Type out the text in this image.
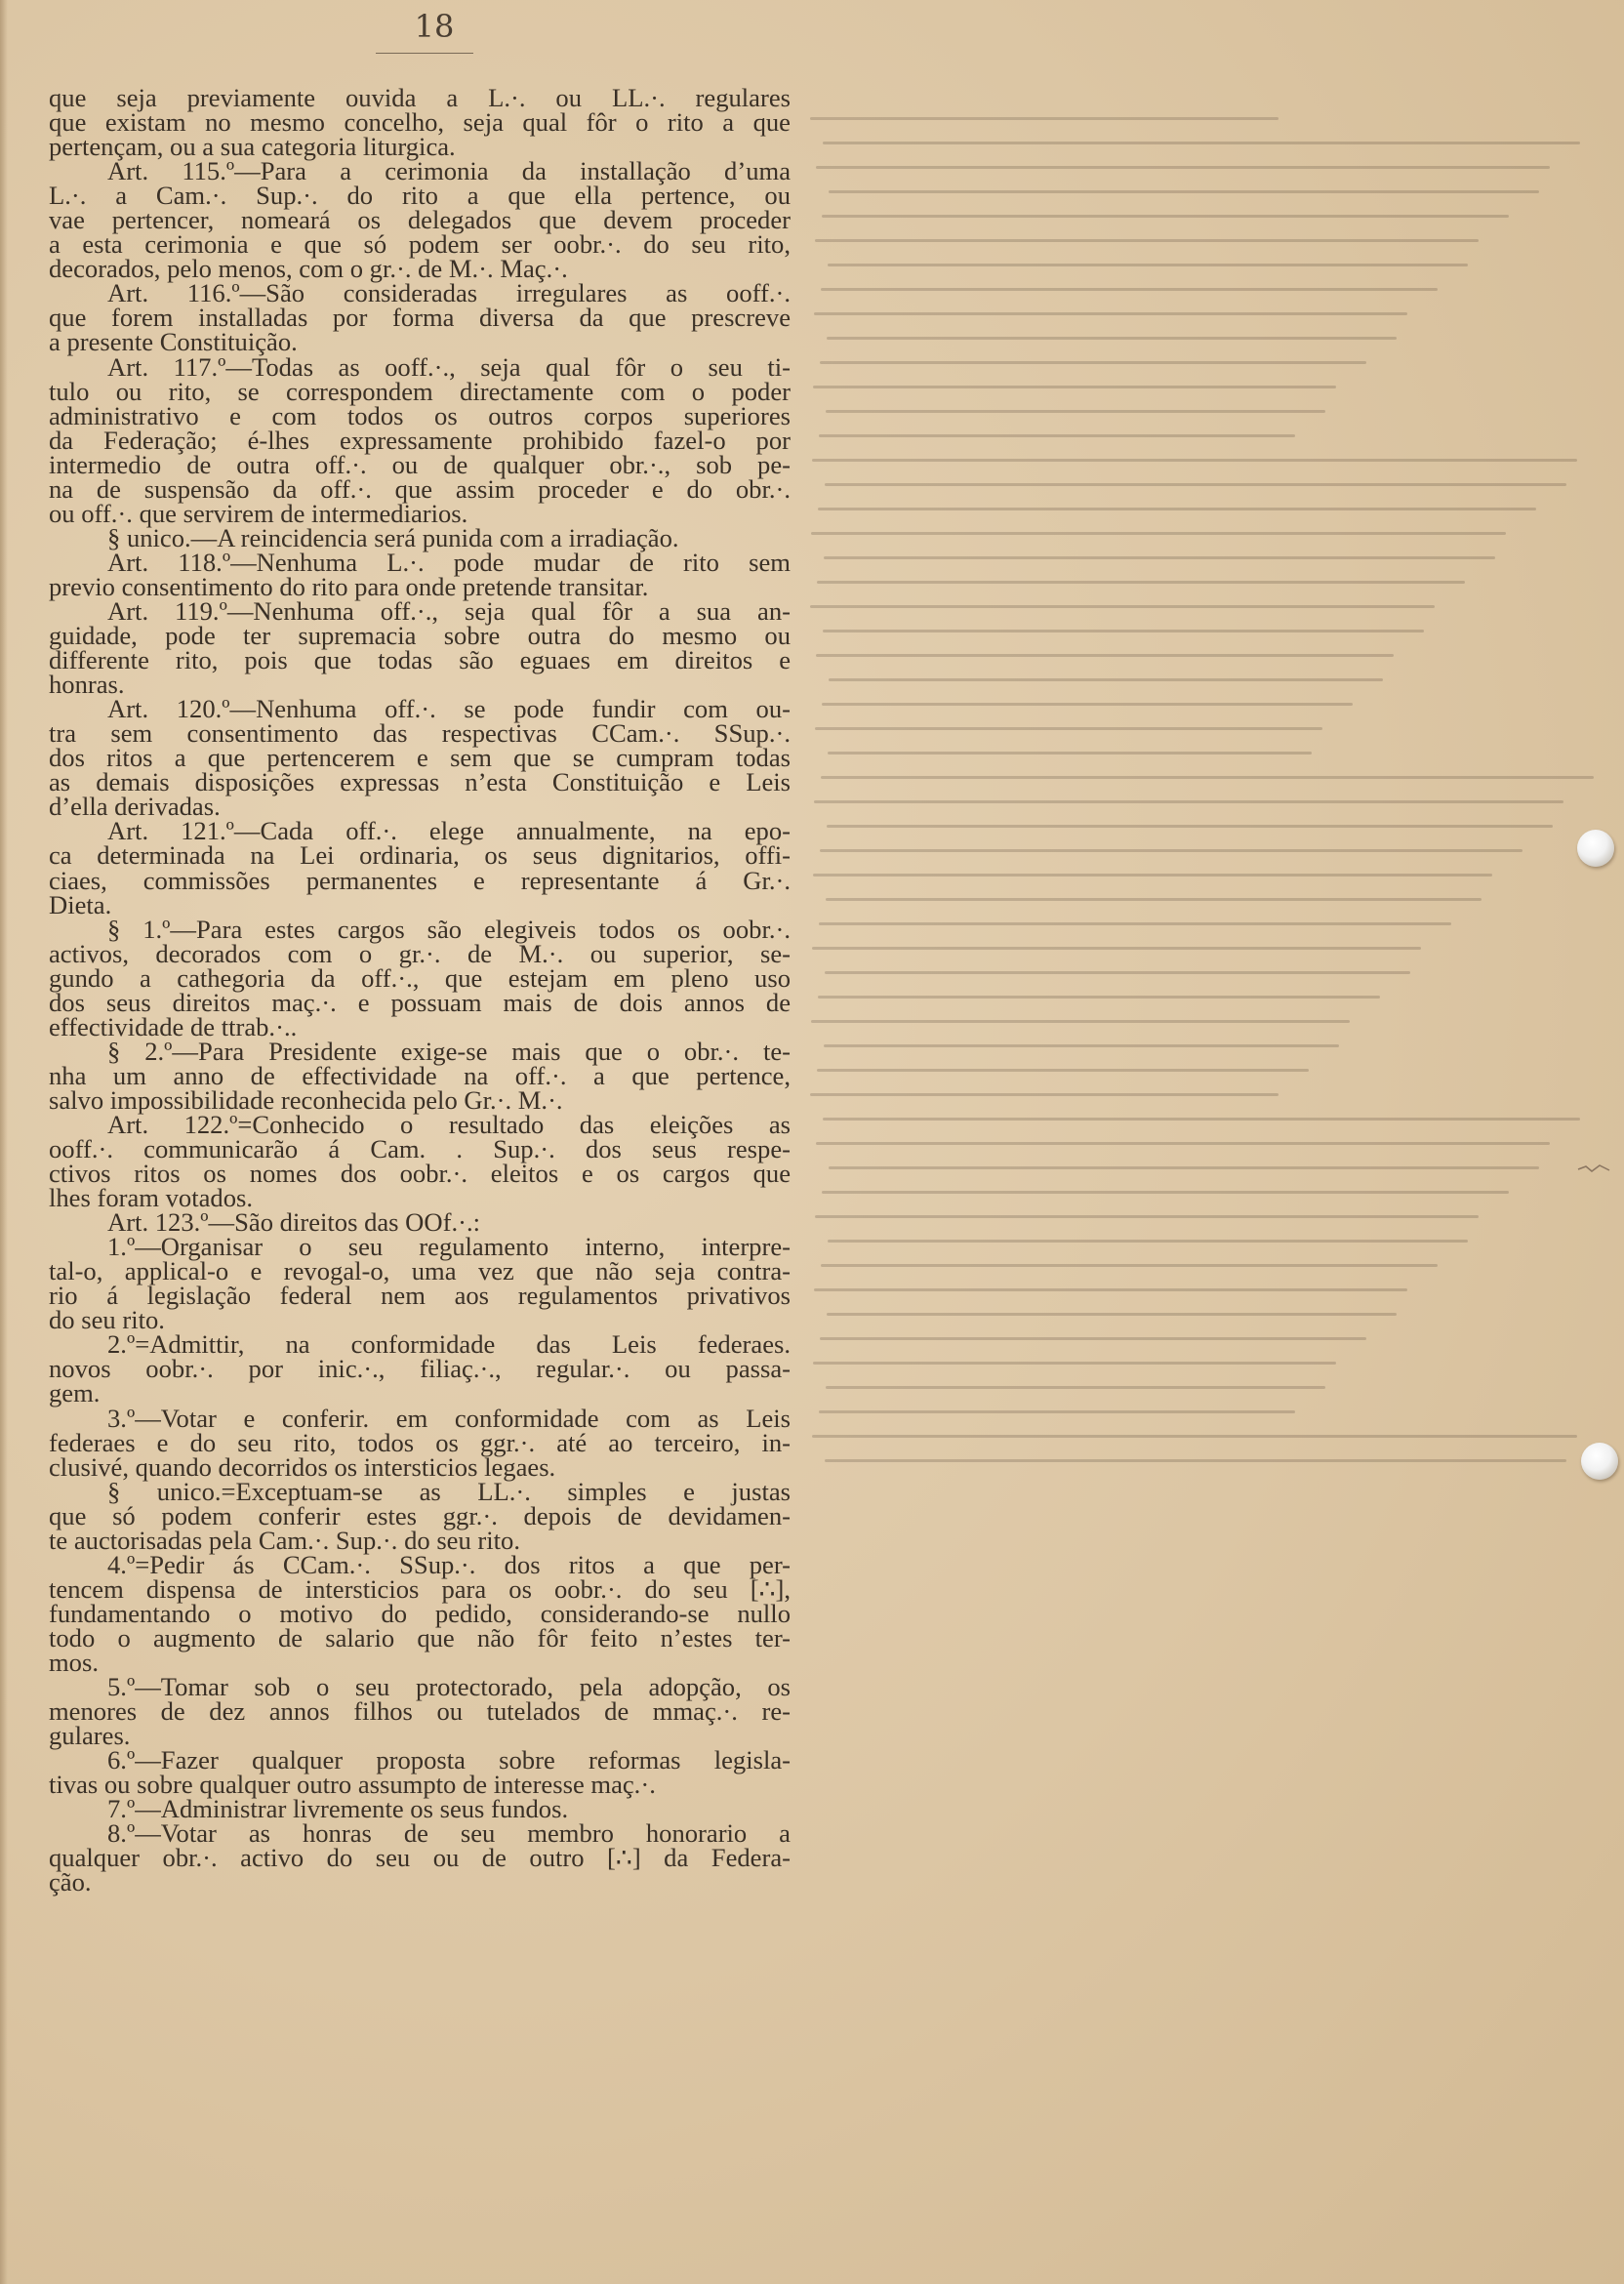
18
que seja previamente ouvida a L.·. ou LL.·. regulares
que existam no mesmo concelho, seja qual fôr o rito a que
pertençam, ou a sua categoria liturgica.
Art. 115.º—Para a cerimonia da installação d’uma
L.·. a Cam.·. Sup.·. do rito a que ella pertence, ou
vae pertencer, nomeará os delegados que devem proceder
a esta cerimonia e que só podem ser oobr.·. do seu rito,
decorados, pelo menos, com o gr.·. de M.·. Maç.·.
Art. 116.º—São consideradas irregulares as ooff.·.
que forem installadas por forma diversa da que prescreve
a presente Constituição.
Art. 117.º—Todas as ooff.·., seja qual fôr o seu ti-
tulo ou rito, se correspondem directamente com o poder
administrativo e com todos os outros corpos superiores
da Federação; é-lhes expressamente prohibido fazel-o por
intermedio de outra off.·. ou de qualquer obr.·., sob pe-
na de suspensão da off.·. que assim proceder e do obr.·.
ou off.·. que servirem de intermediarios.
§ unico.—A reincidencia será punida com a irradiação.
Art. 118.º—Nenhuma L.·. pode mudar de rito sem
previo consentimento do rito para onde pretende transitar.
Art. 119.º—Nenhuma off.·., seja qual fôr a sua an-
guidade, pode ter supremacia sobre outra do mesmo ou
differente rito, pois que todas são eguaes em direitos e
honras.
Art. 120.º—Nenhuma off.·. se pode fundir com ou-
tra sem consentimento das respectivas CCam.·. SSup.·.
dos ritos a que pertencerem e sem que se cumpram todas
as demais disposições expressas n’esta Constituição e Leis
d’ella derivadas.
Art. 121.º—Cada off.·. elege annualmente, na epo-
ca determinada na Lei ordinaria, os seus dignitarios, offi-
ciaes, commissões permanentes e representante á Gr.·.
Dieta.
§ 1.º—Para estes cargos são elegiveis todos os oobr.·.
activos, decorados com o gr.·. de M.·. ou superior, se-
gundo a cathegoria da off.·., que estejam em pleno uso
dos seus direitos maç.·. e possuam mais de dois annos de
effectividade de ttrab.·..
§ 2.º—Para Presidente exige-se mais que o obr.·. te-
nha um anno de effectividade na off.·. a que pertence,
salvo impossibilidade reconhecida pelo Gr.·. M.·.
Art. 122.º=Conhecido o resultado das eleições as
ooff.·. communicarão á Cam. . Sup.·. dos seus respe-
ctivos ritos os nomes dos oobr.·. eleitos e os cargos que
lhes foram votados.
Art. 123.º—São direitos das OOf.·.:
1.º—Organisar o seu regulamento interno, interpre-
tal-o, applical-o e revogal-o, uma vez que não seja contra-
rio á legislação federal nem aos regulamentos privativos
do seu rito.
2.º=Admittir, na conformidade das Leis federaes.
novos oobr.·. por inic.·., filiaç.·., regular.·. ou passa-
gem.
3.º—Votar e conferir. em conformidade com as Leis
federaes e do seu rito, todos os ggr.·. até ao terceiro, in-
clusivé, quando decorridos os intersticios legaes.
§ unico.=Exceptuam-se as LL.·. simples e justas
que só podem conferir estes ggr.·. depois de devidamen-
te auctorisadas pela Cam.·. Sup.·. do seu rito.
4.º=Pedir ás CCam.·. SSup.·. dos ritos a que per-
tencem dispensa de intersticios para os oobr.·. do seu [∴],
fundamentando o motivo do pedido, considerando-se nullo
todo o augmento de salario que não fôr feito n’estes ter-
mos.
5.º—Tomar sob o seu protectorado, pela adopção, os
menores de dez annos filhos ou tutelados de mmaç.·. re-
gulares.
6.º—Fazer qualquer proposta sobre reformas legisla-
tivas ou sobre qualquer outro assumpto de interesse maç.·.
7.º—Administrar livremente os seus fundos.
8.º—Votar as honras de seu membro honorario a
qualquer obr.·. activo do seu ou de outro [∴] da Federa-
ção.
